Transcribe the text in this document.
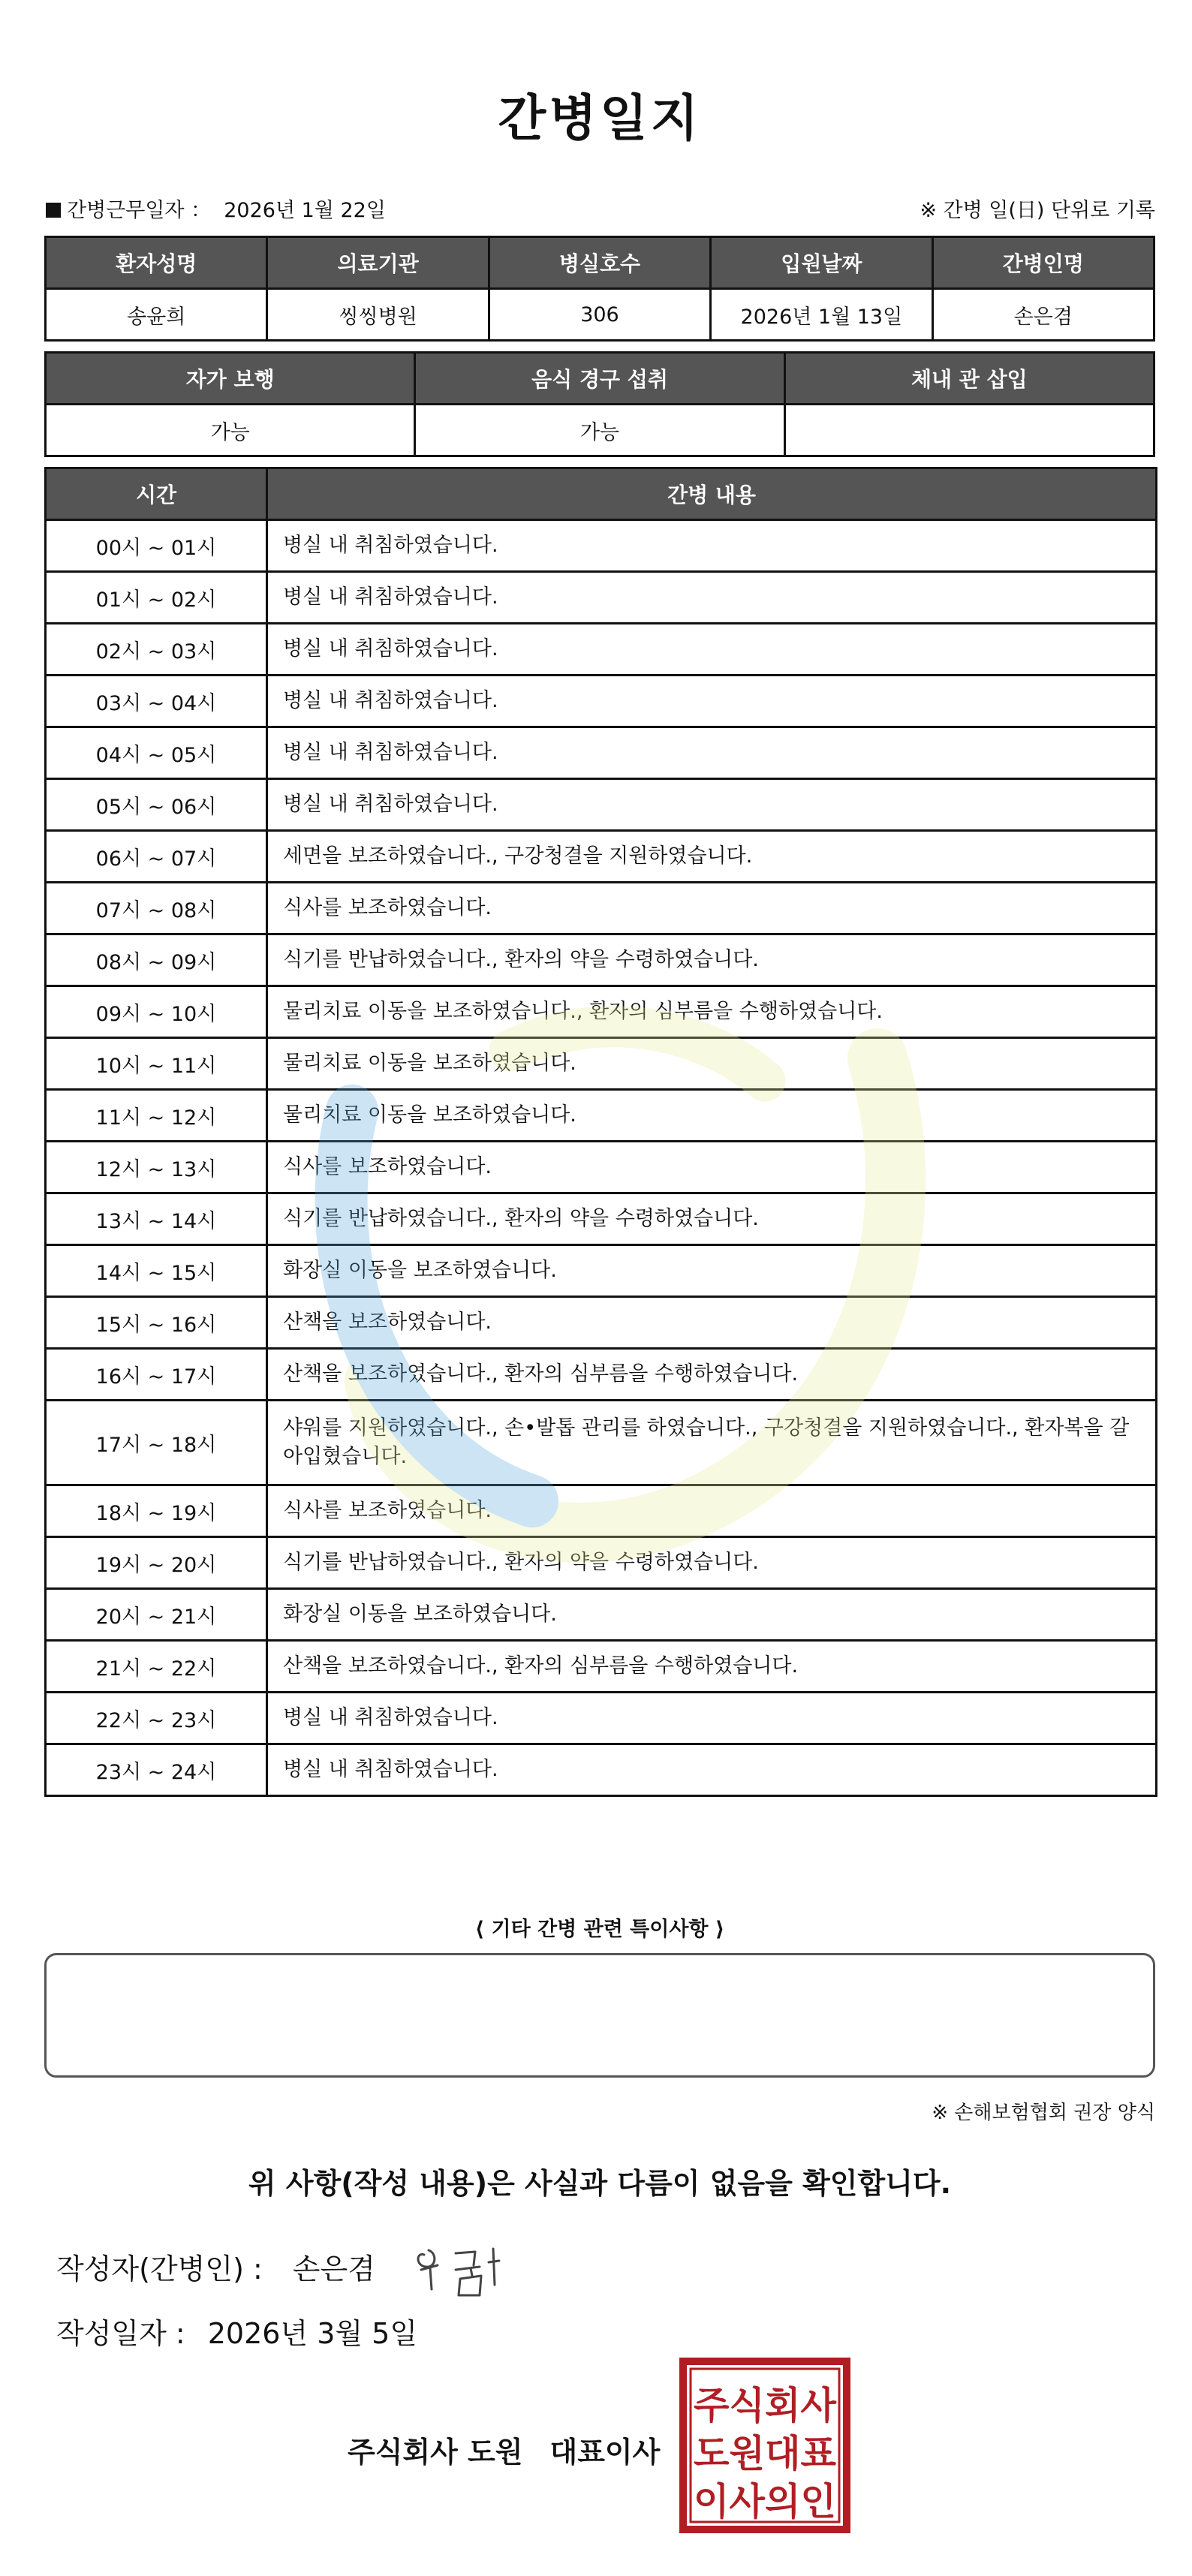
간병일지
간병근무일자 ： 2026년 1월 22일	※ 간병 일(日) 단위로 기록
환자성명	의료기관	병실호수	입원날짜	간병인명
송윤희	씽씽병원	306	2026년 1월 13일	손은겸
자가 보행	음식 경구 섭취	체내 관 삽입
가능	가능	
시간	간병 내용
00시 ~ 01시	병실 내 취침하였습니다.
01시 ~ 02시	병실 내 취침하였습니다.
02시 ~ 03시	병실 내 취침하였습니다.
03시 ~ 04시	병실 내 취침하였습니다.
04시 ~ 05시	병실 내 취침하였습니다.
05시 ~ 06시	병실 내 취침하였습니다.
06시 ~ 07시	세면을 보조하였습니다., 구강청결을 지원하였습니다.
07시 ~ 08시	식사를 보조하였습니다.
08시 ~ 09시	식기를 반납하였습니다., 환자의 약을 수령하였습니다.
09시 ~ 10시	물리치료 이동을 보조하였습니다., 환자의 심부름을 수행하였습니다.
10시 ~ 11시	물리치료 이동을 보조하였습니다.
11시 ~ 12시	물리치료 이동을 보조하였습니다.
12시 ~ 13시	식사를 보조하였습니다.
13시 ~ 14시	식기를 반납하였습니다., 환자의 약을 수령하였습니다.
14시 ~ 15시	화장실 이동을 보조하였습니다.
15시 ~ 16시	산책을 보조하였습니다.
16시 ~ 17시	산책을 보조하였습니다., 환자의 심부름을 수행하였습니다.
17시 ~ 18시	샤워를 지원하였습니다., 손•발톱 관리를 하였습니다., 구강청결을 지원하였습니다., 환자복을 갈아입혔습니다.
18시 ~ 19시	식사를 보조하였습니다.
19시 ~ 20시	식기를 반납하였습니다., 환자의 약을 수령하였습니다.
20시 ~ 21시	화장실 이동을 보조하였습니다.
21시 ~ 22시	산책을 보조하였습니다., 환자의 심부름을 수행하였습니다.
22시 ~ 23시	병실 내 취침하였습니다.
23시 ~ 24시	병실 내 취침하였습니다.
⟨ 기타 간병 관련 특이사항 ⟩
※ 손해보험협회 권장 양식
위 사항(작성 내용)은 사실과 다름이 없음을 확인합니다.
작성자(간병인) : 손은겸
작성일자 : 2026년 3월 5일
주식회사 도원 대표이사
주식회사
도원대표
이사의인
